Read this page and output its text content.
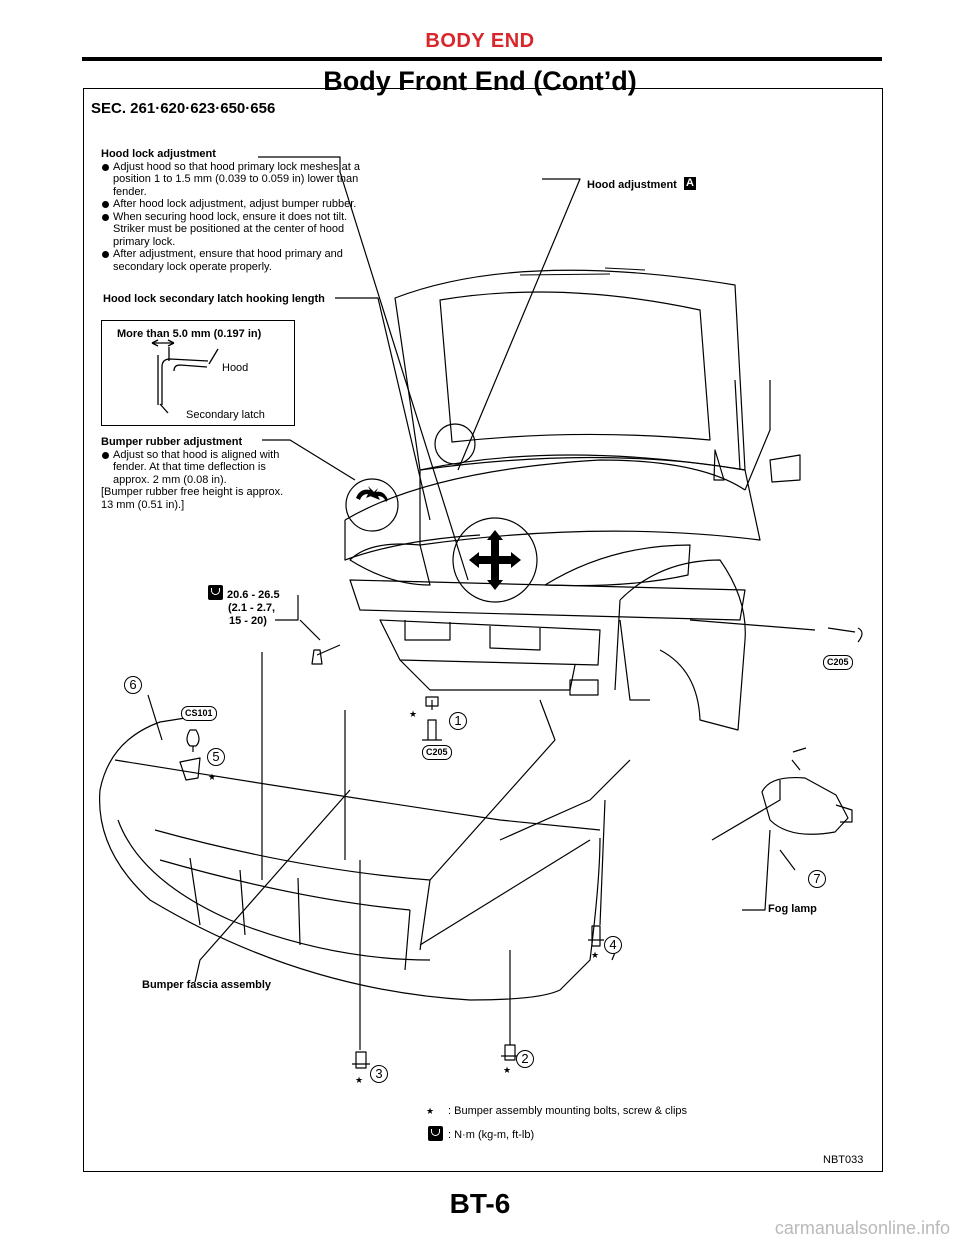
BODY END
Body Front End (Cont’d)
SEC. 261·620·623·650·656
Hood lock adjustment
Adjust hood so that hood primary lock meshes at a position 1 to 1.5 mm (0.039 to 0.059 in) lower than fender.
After hood lock adjustment, adjust bumper rubber.
When securing hood lock, ensure it does not tilt. Striker must be positioned at the center of hood primary lock.
After adjustment, ensure that hood primary and secondary lock operate properly.
Hood lock secondary latch hooking length
More than 5.0 mm (0.197 in)
Hood
Secondary latch
Bumper rubber adjustment
Adjust so that hood is aligned with fender. At that time deflection is approx. 2 mm (0.08 in).
[Bumper rubber free height is approx. 13 mm (0.51 in).]
Hood adjustment A
20.6 - 26.5
(2.1 - 2.7,
15 - 20)
C205
C205
CS101	1
2
3
4
5
6
7
★
★
★
★
★
Fog lamp
Bumper fascia assembly
★ : Bumper assembly mounting bolts, screw & clips
: N·m (kg-m, ft-lb)
NBT033
BT-6
carmanualsonline.info
